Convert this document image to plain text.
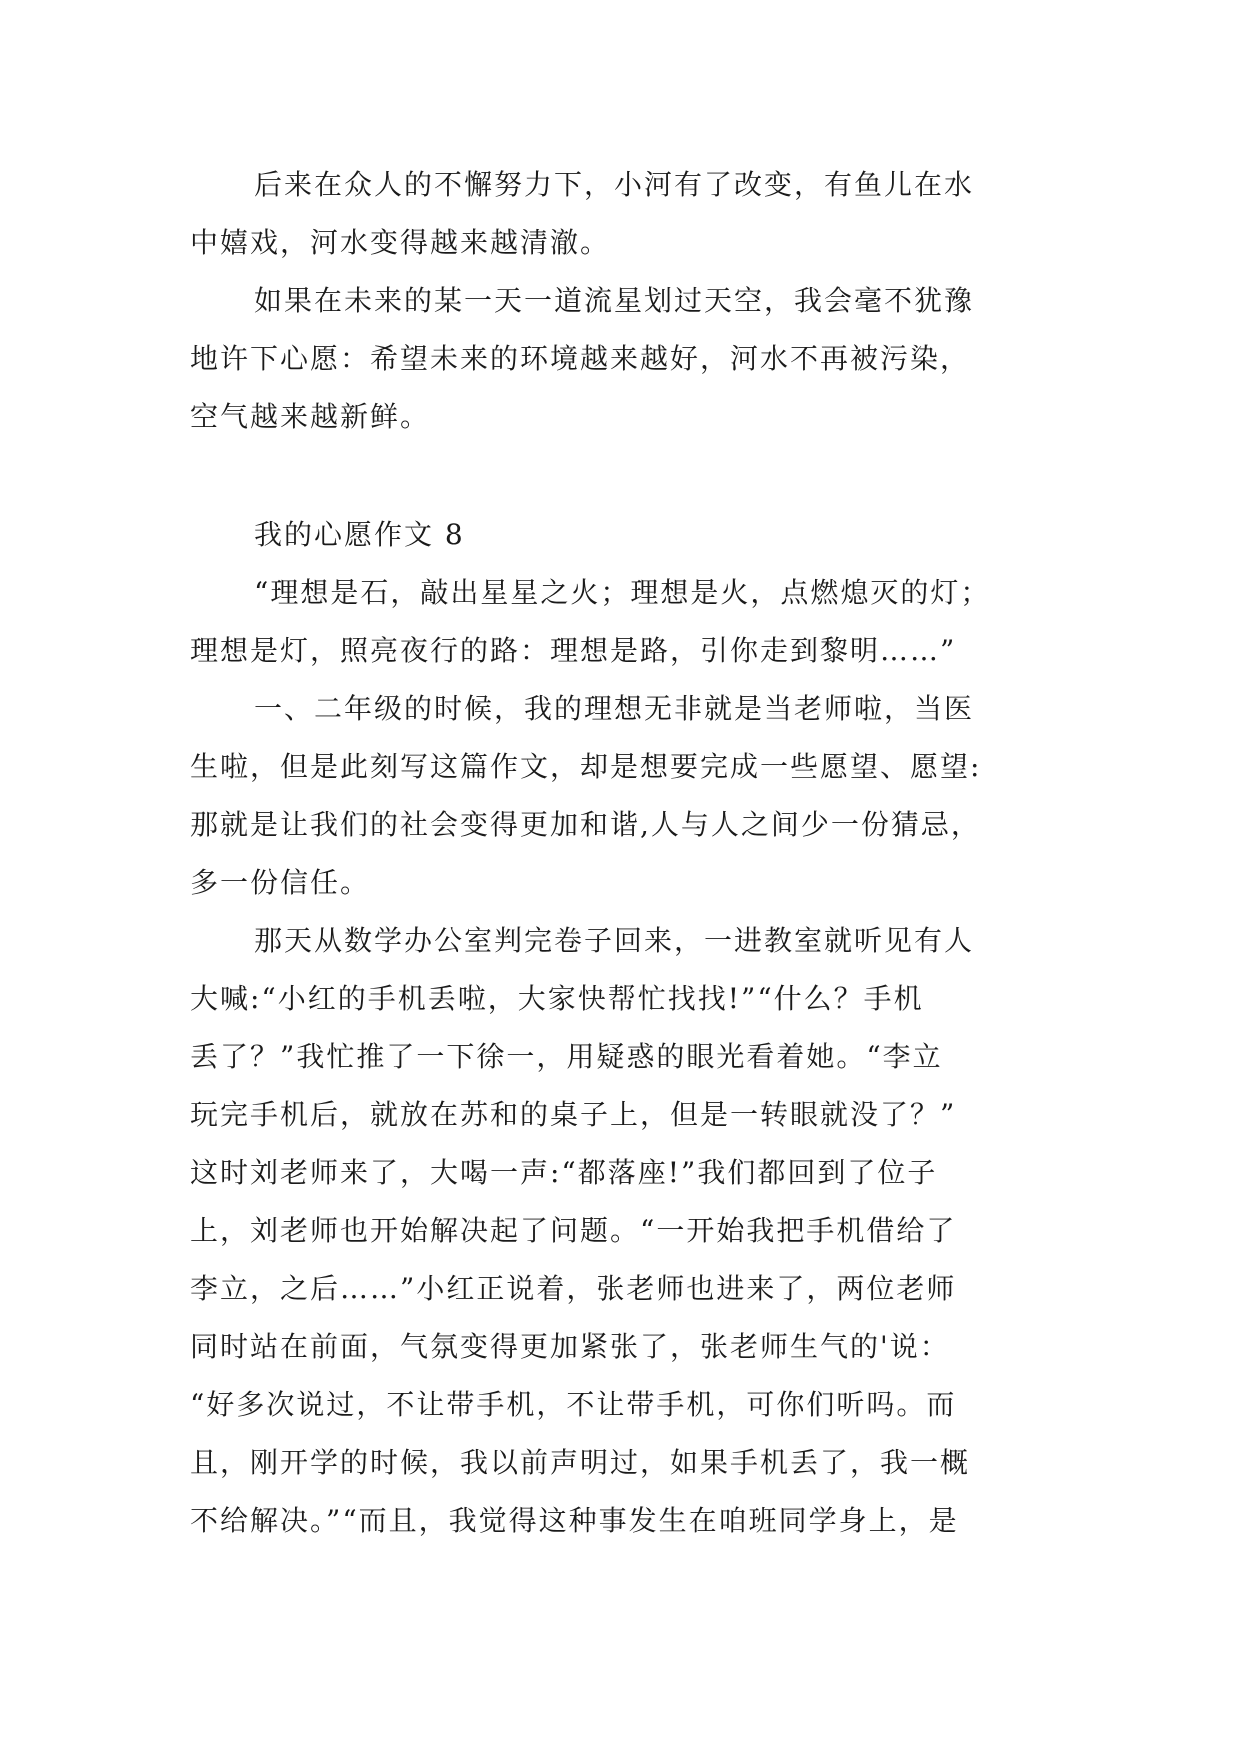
后来在众人的不懈努力下，小河有了改变，有鱼儿在水
中嬉戏，河水变得越来越清澈。
如果在未来的某一天一道流星划过天空，我会毫不犹豫
地许下心愿：希望未来的环境越来越好，河水不再被污染，
空气越来越新鲜。
我的心愿作文 8
“理想是石，敲出星星之火；理想是火，点燃熄灭的灯；
理想是灯，照亮夜行的路：理想是路，引你走到黎明……”
一、二年级的时候，我的理想无非就是当老师啦，当医
生啦，但是此刻写这篇作文，却是想要完成一些愿望、愿望:
那就是让我们的社会变得更加和谐,人与人之间少一份猜忌，
多一份信任。
那天从数学办公室判完卷子回来，一进教室就听见有人
大喊:“小红的手机丢啦，大家快帮忙找找!”“什么？手机
丢了？”我忙推了一下徐一，用疑惑的眼光看着她。“李立
玩完手机后，就放在苏和的桌子上，但是一转眼就没了？”
这时刘老师来了，大喝一声:“都落座!”我们都回到了位子
上，刘老师也开始解决起了问题。“一开始我把手机借给了
李立，之后……”小红正说着，张老师也进来了，两位老师
同时站在前面，气氛变得更加紧张了，张老师生气的'说：
“好多次说过，不让带手机，不让带手机，可你们听吗。而
且，刚开学的时候，我以前声明过，如果手机丢了，我一概
不给解决。”“而且，我觉得这种事发生在咱班同学身上，是
